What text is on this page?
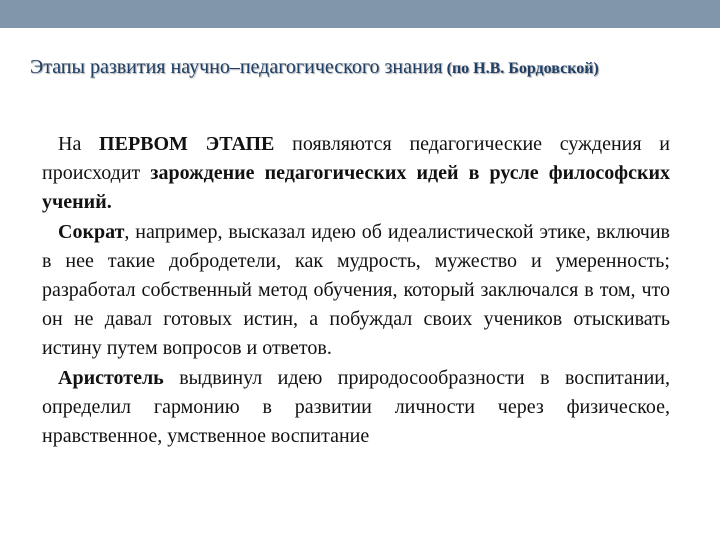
Этапы развития научно–педагогического знания (по Н.В. Бордовской)

На ПЕРВОМ ЭТАПЕ появляются педагогические суждения и происходит зарождение педагогических идей в русле философских учений.

Сократ, например, высказал идею об идеалистической этике, включив в нее такие добродетели, как мудрость, мужество и умеренность; разработал собственный метод обучения, который заключался в том, что он не давал готовых истин, а побуждал своих учеников отыскивать истину путем вопросов и ответов.

Аристотель выдвинул идею природосообразности в воспитании, определил гармонию в развитии личности через физическое, нравственное, умственное воспитание
